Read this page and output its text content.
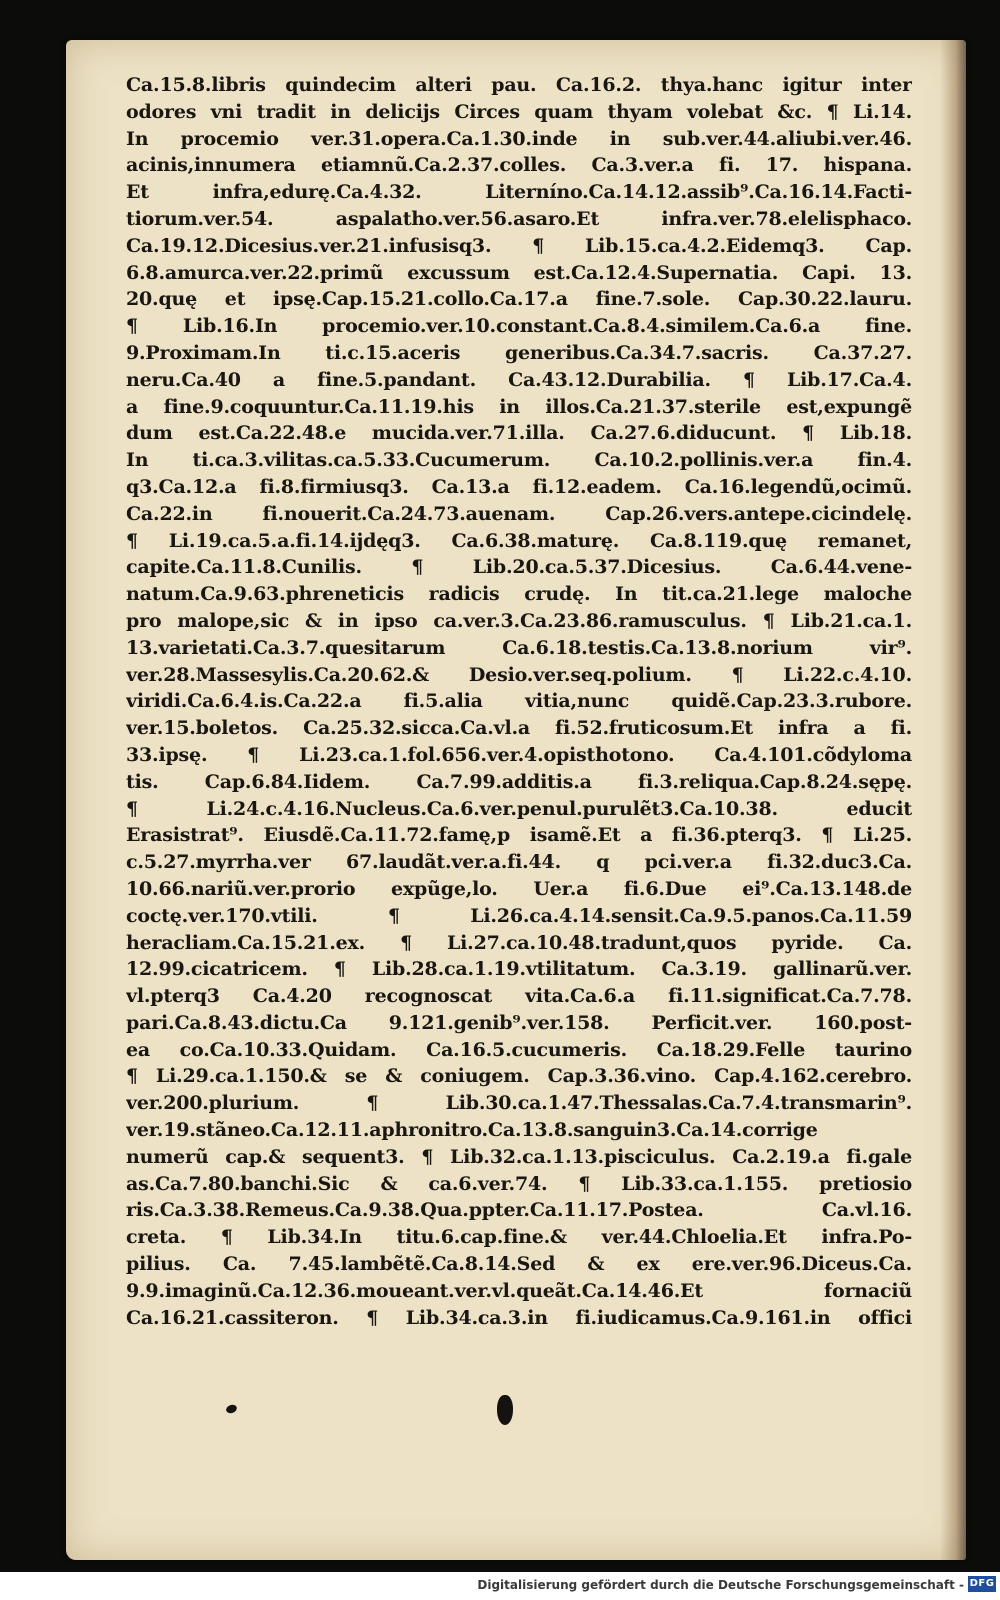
Ca.15.8.libris quindecim alteri pau. Ca.16.2. thya.hanc igitur inter
odores vni tradit in delicijs Circes quam thyam volebat &c. ¶ Li.14.
In procemio ver.31.opera.Ca.1.30.inde in sub.ver.44.aliubi.ver.46.
acinis,innumera etiamnũ.Ca.2.37.colles. Ca.3.ver.a fi. 17. hispana.
Et infra,edurę.Ca.4.32. Literníno.Ca.14.12.assib⁹.Ca.16.14.Facti-
tiorum.ver.54. aspalatho.ver.56.asaro.Et infra.ver.78.elelisphaco.
Ca.19.12.Dicesius.ver.21.infusisq3. ¶ Lib.15.ca.4.2.Eidemq3. Cap.
6.8.amurca.ver.22.primũ excussum est.Ca.12.4.Supernatia. Capi. 13.
20.quę et ipsę.Cap.15.21.collo.Ca.17.a fine.7.sole. Cap.30.22.lauru.
¶ Lib.16.In procemio.ver.10.constant.Ca.8.4.similem.Ca.6.a fine.
9.Proximam.In ti.c.15.aceris generibus.Ca.34.7.sacris. Ca.37.27.
neru.Ca.40 a fine.5.pandant. Ca.43.12.Durabilia. ¶ Lib.17.Ca.4.
a fine.9.coquuntur.Ca.11.19.his in illos.Ca.21.37.sterile est,expungẽ
dum est.Ca.22.48.e mucida.ver.71.illa. Ca.27.6.diducunt. ¶ Lib.18.
In ti.ca.3.vilitas.ca.5.33.Cucumerum. Ca.10.2.pollinis.ver.a fin.4.
q3.Ca.12.a fi.8.firmiusq3. Ca.13.a fi.12.eadem. Ca.16.legendũ,ocimũ.
Ca.22.in fi.nouerit.Ca.24.73.auenam. Cap.26.vers.antepe.cicindelę.
¶ Li.19.ca.5.a.fi.14.ijdęq3. Ca.6.38.maturę. Ca.8.119.quę remanet,
capite.Ca.11.8.Cunilis. ¶ Lib.20.ca.5.37.Dicesius. Ca.6.44.vene-
natum.Ca.9.63.phreneticis radicis crudę. In tit.ca.21.lege maloche
pro malope,sic & in ipso ca.ver.3.Ca.23.86.ramusculus. ¶ Lib.21.ca.1.
13.varietati.Ca.3.7.quesitarum Ca.6.18.testis.Ca.13.8.norium vir⁹.
ver.28.Massesylis.Ca.20.62.& Desio.ver.seq.polium. ¶ Li.22.c.4.10.
viridi.Ca.6.4.is.Ca.22.a fi.5.alia vitia,nunc quidẽ.Cap.23.3.rubore.
ver.15.boletos. Ca.25.32.sicca.Ca.vl.a fi.52.fruticosum.Et infra a fi.
33.ipsę. ¶ Li.23.ca.1.fol.656.ver.4.opisthotono. Ca.4.101.cõdyloma
tis. Cap.6.84.Iidem. Ca.7.99.additis.a fi.3.reliqua.Cap.8.24.sępę.
¶ Li.24.c.4.16.Nucleus.Ca.6.ver.penul.purulẽt3.Ca.10.38. educit
Erasistrat⁹. Eiusdẽ.Ca.11.72.famę,p isamẽ.Et a fi.36.pterq3. ¶ Li.25.
c.5.27.myrrha.ver 67.laudãt.ver.a.fi.44. q pci.ver.a fi.32.duc3.Ca.
10.66.nariũ.ver.prorio expũge,lo. Uer.a fi.6.Due ei⁹.Ca.13.148.de
coctę.ver.170.vtili. ¶ Li.26.ca.4.14.sensit.Ca.9.5.panos.Ca.11.59
heracliam.Ca.15.21.ex. ¶ Li.27.ca.10.48.tradunt,quos pyride. Ca.
12.99.cicatricem. ¶ Lib.28.ca.1.19.vtilitatum. Ca.3.19. gallinarũ.ver.
vl.pterq3 Ca.4.20 recognoscat vita.Ca.6.a fi.11.significat.Ca.7.78.
pari.Ca.8.43.dictu.Ca 9.121.genib⁹.ver.158. Perficit.ver. 160.post-
ea co.Ca.10.33.Quidam. Ca.16.5.cucumeris. Ca.18.29.Felle taurino
¶ Li.29.ca.1.150.& se & coniugem. Cap.3.36.vino. Cap.4.162.cerebro.
ver.200.plurium. ¶ Lib.30.ca.1.47.Thessalas.Ca.7.4.transmarin⁹.
ver.19.stãneo.Ca.12.11.aphronitro.Ca.13.8.sanguin3.Ca.14.corrige
numerũ cap.& sequent3. ¶ Lib.32.ca.1.13.pisciculus. Ca.2.19.a fi.gale
as.Ca.7.80.banchi.Sic & ca.6.ver.74. ¶ Lib.33.ca.1.155. pretiosio
ris.Ca.3.38.Remeus.Ca.9.38.Qua.ppter.Ca.11.17.Postea. Ca.vl.16.
creta. ¶ Lib.34.In titu.6.cap.fine.& ver.44.Chloelia.Et infra.Po-
pilius. Ca. 7.45.lambẽtẽ.Ca.8.14.Sed & ex ere.ver.96.Diceus.Ca.
9.9.imaginũ.Ca.12.36.moueant.ver.vl.queãt.Ca.14.46.Et fornaciũ
Ca.16.21.cassiteron. ¶ Lib.34.ca.3.in fi.iudicamus.Ca.9.161.in offici
Digitalisierung gefördert durch die Deutsche Forschungsgemeinschaft - DFG
